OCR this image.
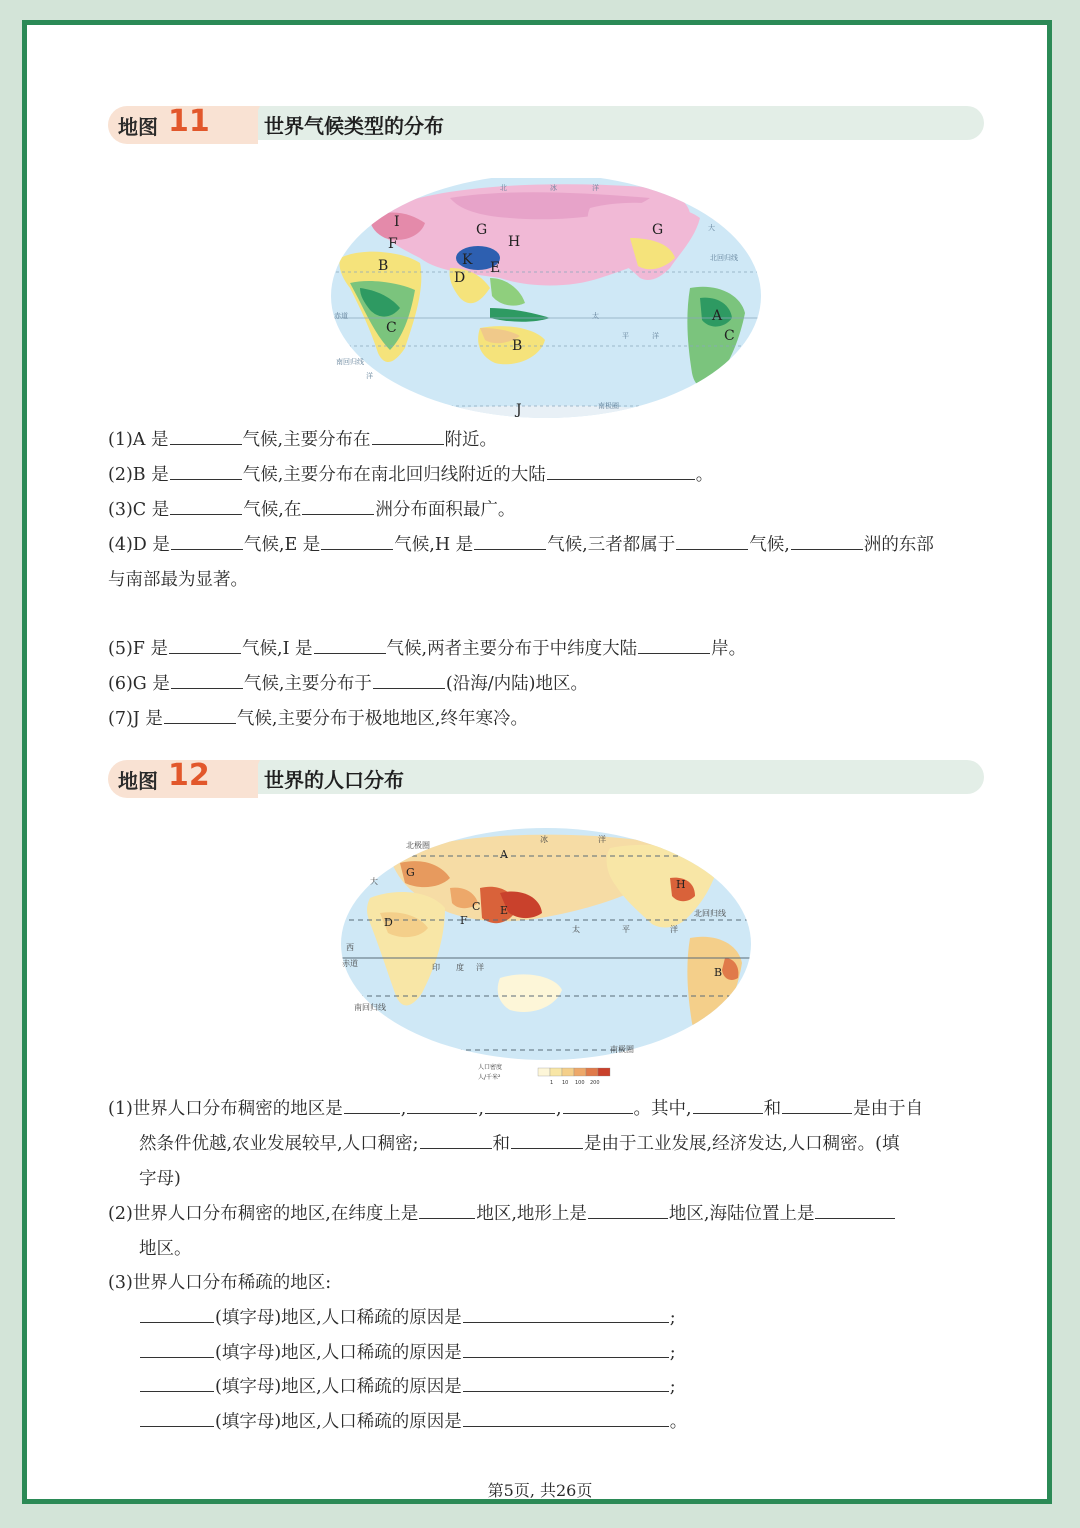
地图 11	世界气候类型的分布
北	冰	洋
大
北回归线
赤道
南回归线
太
平	洋
南极圈
洋
I
F
B
C
G
H
K
D
E
B
G
A
C
J
(1)A 是	气候,主要分布在	附近。
(2)B 是	气候,主要分布在南北回归线附近的大陆	。
(3)C 是	气候,在	洲分布面积最广。
(4)D 是	气候,E 是	气候,H 是	气候,三者都属于	气候,	洲的东部
与南部最为显著。
(5)F 是	气候,I 是	气候,两者主要分布于中纬度大陆	岸。
(6)G 是	气候,主要分布于	(沿海/内陆)地区。
(7)J 是	气候,主要分布于极地地区,终年寒冷。
地图 12	世界的人口分布
北极圈
冰	洋
大
北回归线
西
印 度 洋
太	平	洋
赤道
南回归线
南极圈
A
G
H
C E
F
D
B
人口密度
人/千米²
1 10 100 200
(1)世界人口分布稠密的地区是	,	,	,	。其中,	和	是由于自
然条件优越,农业发展较早,人口稠密;	和	是由于工业发展,经济发达,人口稠密。(填
字母)
(2)世界人口分布稠密的地区,在纬度上是	地区,地形上是	地区,海陆位置上是
地区。
(3)世界人口分布稀疏的地区:
(填字母)地区,人口稀疏的原因是	;
(填字母)地区,人口稀疏的原因是	;
(填字母)地区,人口稀疏的原因是	;
(填字母)地区,人口稀疏的原因是	。
第5页, 共26页
